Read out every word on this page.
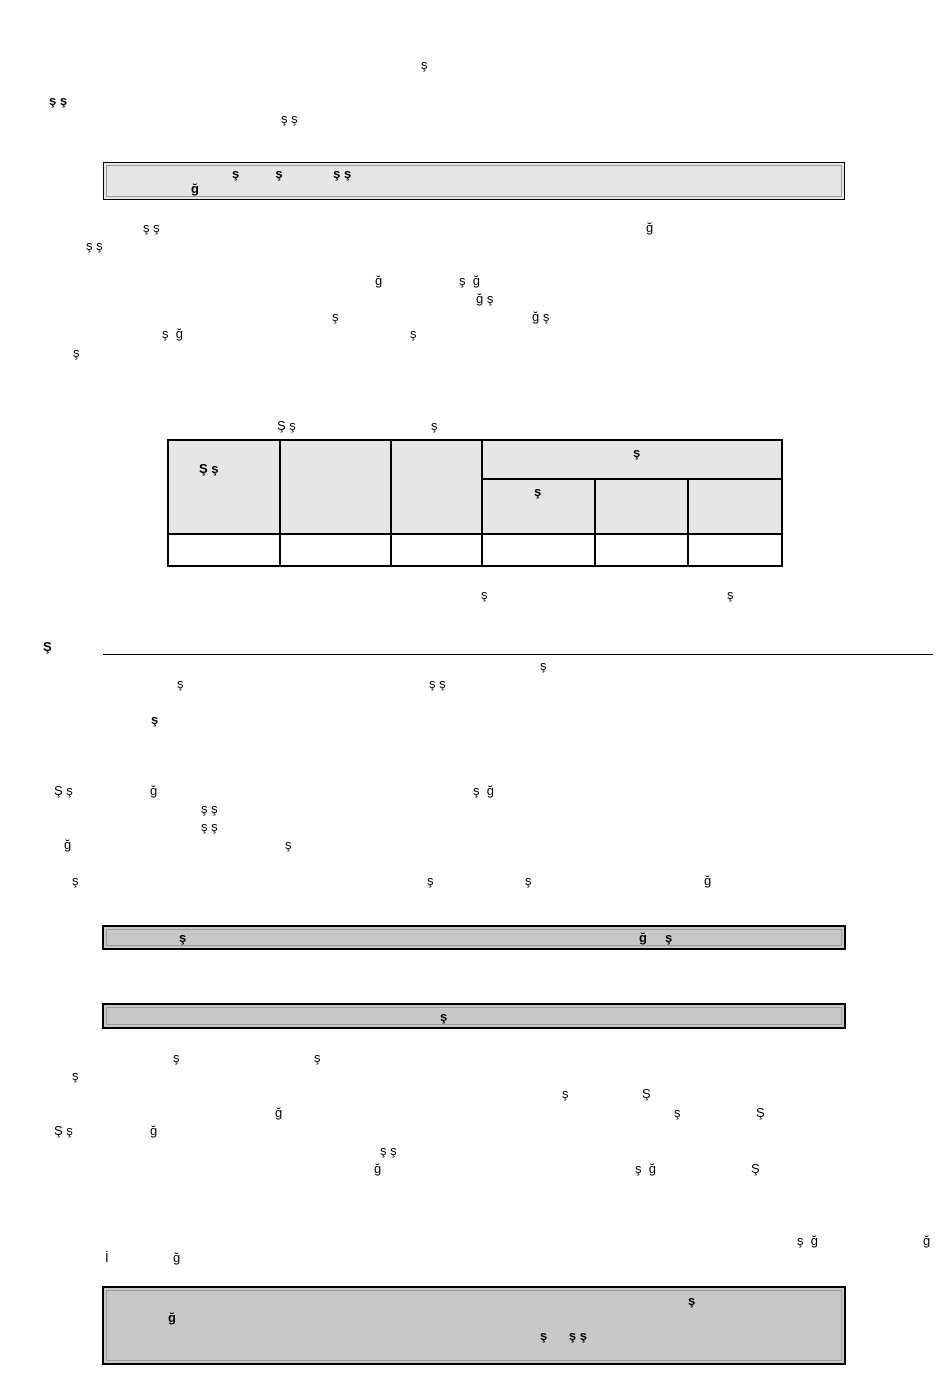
ş
ş ş
ş ş
ş          ş              ş ş
ğ
ş ş	ğ
ş ş
ğ	ş  ğ
ğ ş
ş	ğ ş
ş  ğ	ş
ş
Ş ş	ş
Ş ş			ş		

			ş		

ş	ş
Ş
ş
ş	ş ş
ş
Ş ş	ğ	ş  ğ
ş ş
ş ş
ğ	ş
ş	ş	ş	ğ
ş	ğ     ş
ş
ş	ş
ş
ş	Ş
ğ	ş	Ş
Ş ş	ğ
ş ş
ğ	ş  ğ	Ş
ş  ğ	ğ
İ	ğ
ş
ğ
ş      ş ş
